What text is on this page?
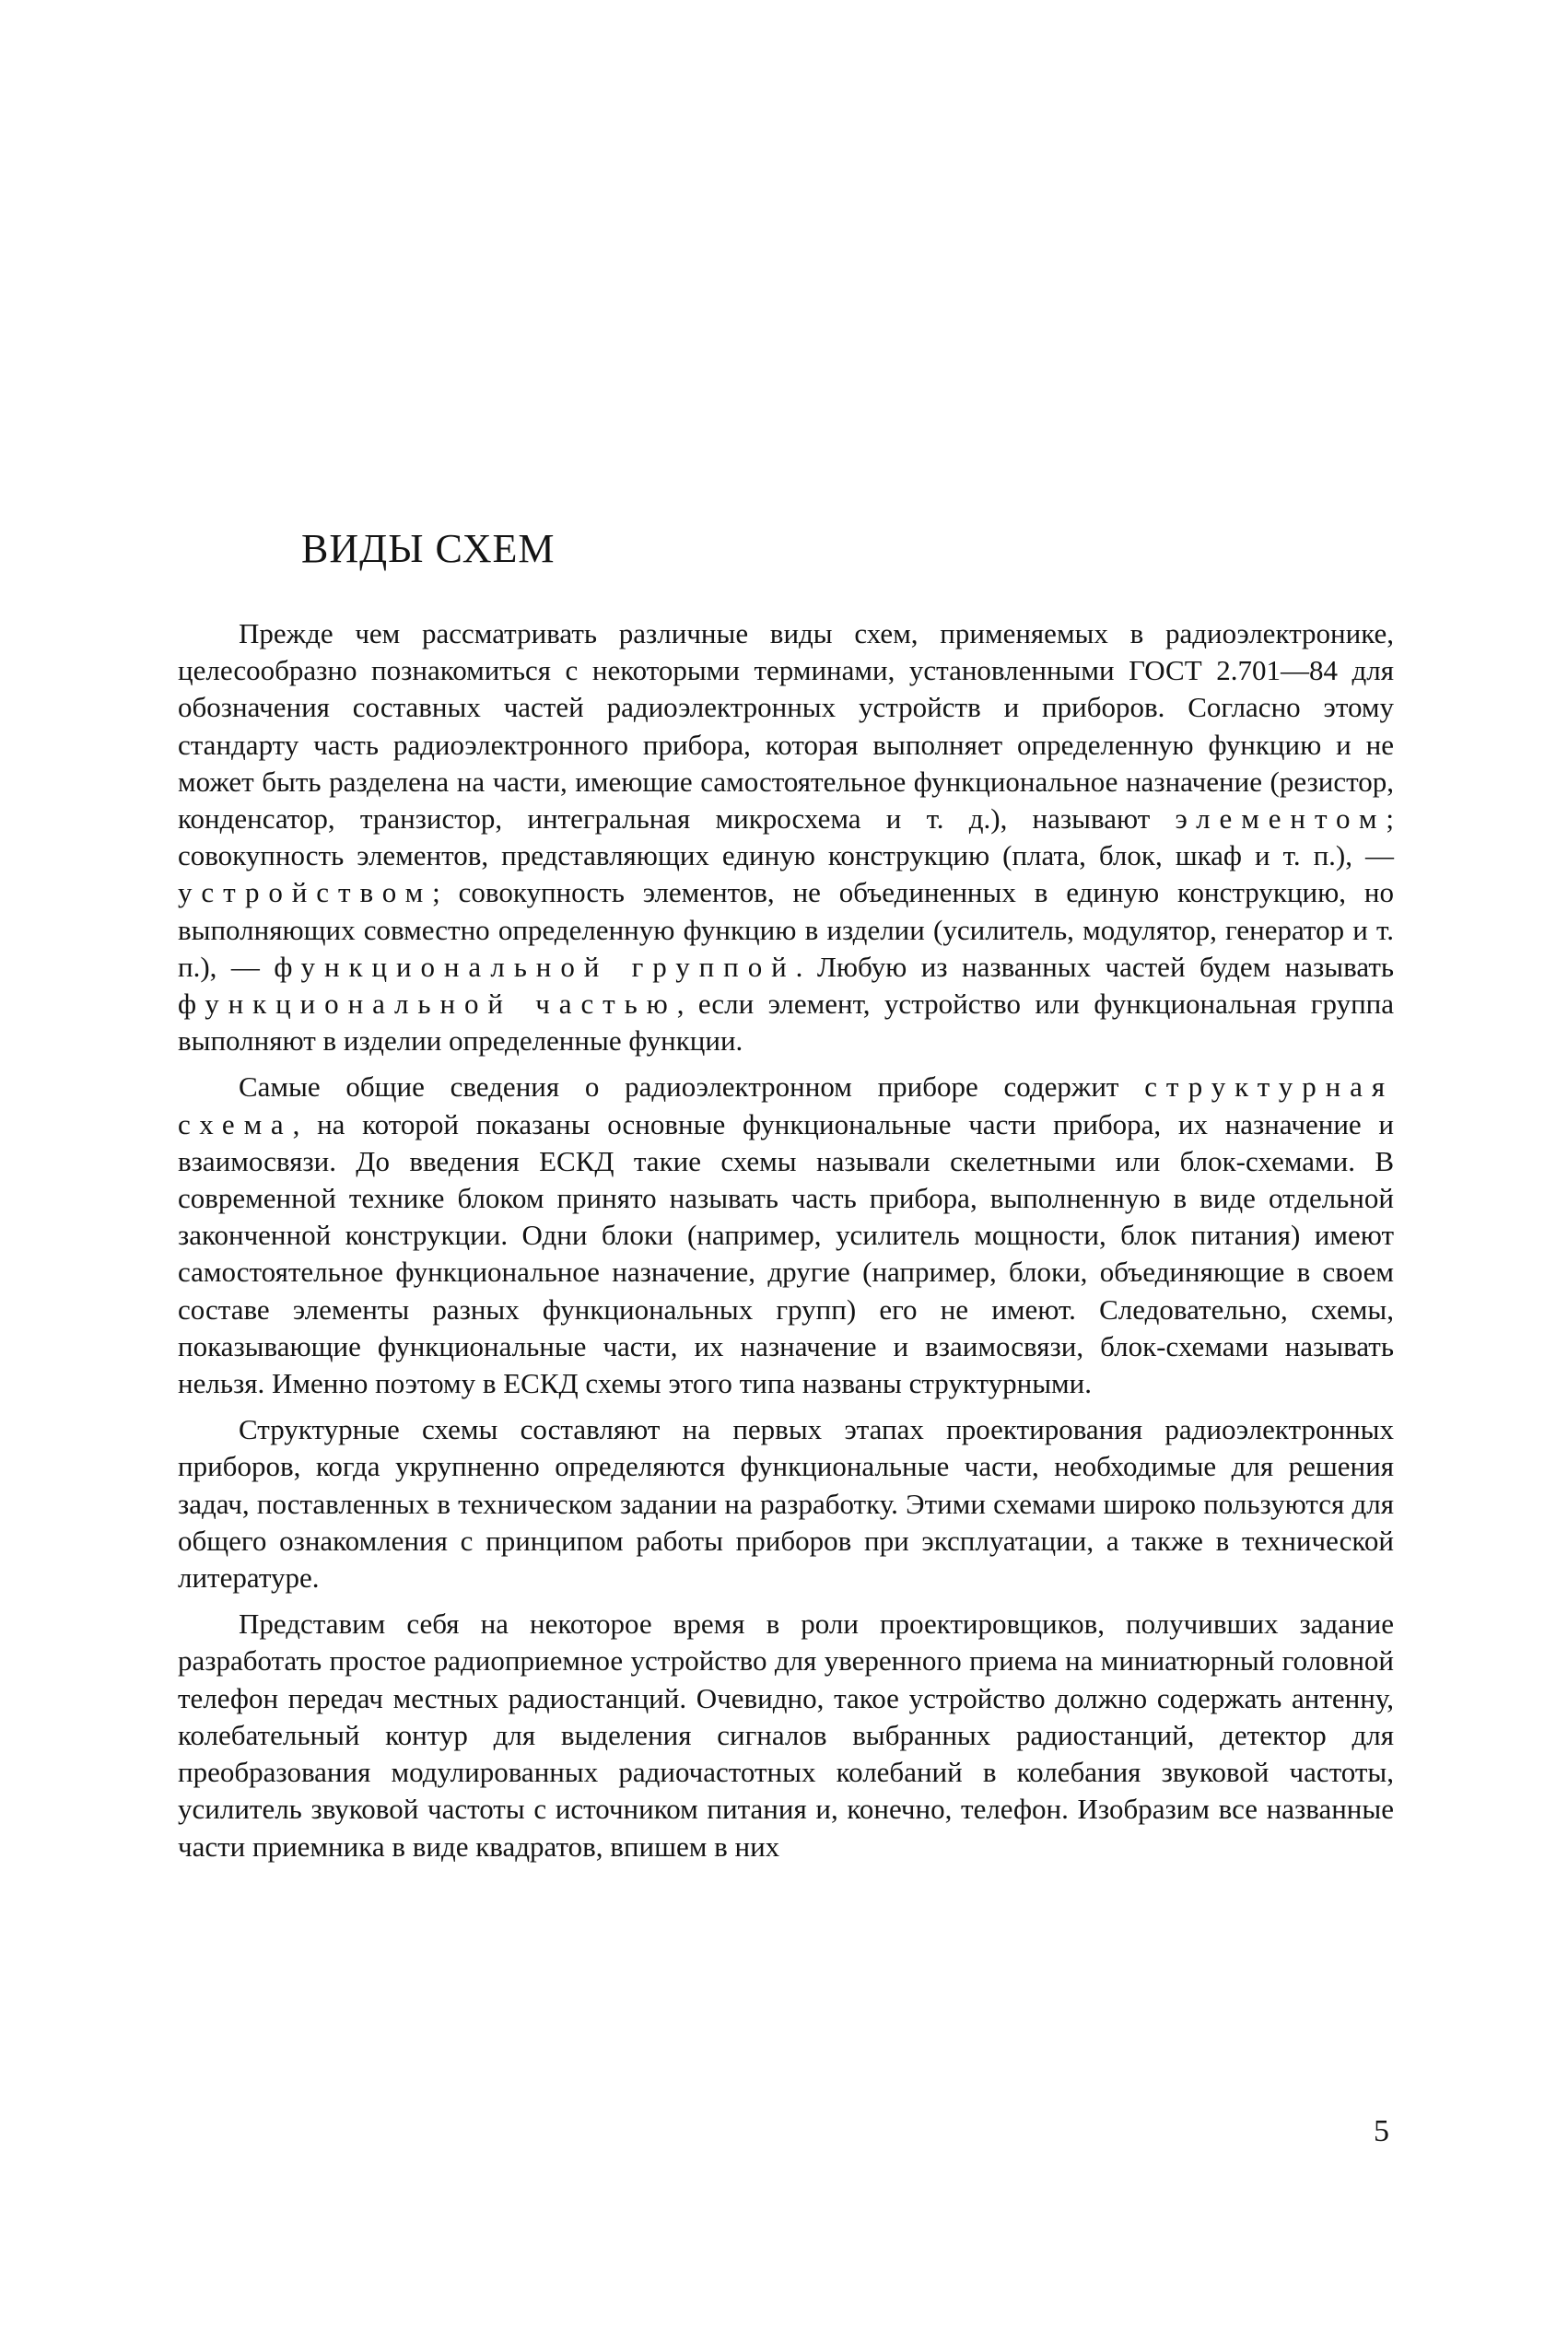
ВИДЫ СХЕМ

Прежде чем рассматривать различные виды схем, применяемых в радиоэлектронике, целесообразно познакомиться с некоторыми терминами, установленными ГОСТ 2.701—84 для обозначения составных частей радиоэлектронных устройств и приборов. Согласно этому стандарту часть радиоэлектронного прибора, которая выполняет определенную функцию и не может быть разделена на части, имеющие самостоятельное функциональное назначение (резистор, конденсатор, транзистор, интегральная микросхема и т. д.), называют элементом; совокупность элементов, представляющих единую конструкцию (плата, блок, шкаф и т. п.), — устройством; совокупность элементов, не объединенных в единую конструкцию, но выполняющих совместно определенную функцию в изделии (усилитель, модулятор, генератор и т. п.), — функциональной группой. Любую из названных частей будем называть функциональной частью, если элемент, устройство или функциональная группа выполняют в изделии определенные функции.

Самые общие сведения о радиоэлектронном приборе содержит структурная схема, на которой показаны основные функциональные части прибора, их назначение и взаимосвязи. До введения ЕСКД такие схемы называли скелетными или блок-схемами. В современной технике блоком принято называть часть прибора, выполненную в виде отдельной законченной конструкции. Одни блоки (например, усилитель мощности, блок питания) имеют самостоятельное функциональное назначение, другие (например, блоки, объединяющие в своем составе элементы разных функциональных групп) его не имеют. Следовательно, схемы, показывающие функциональные части, их назначение и взаимосвязи, блок-схемами называть нельзя. Именно поэтому в ЕСКД схемы этого типа названы структурными.

Структурные схемы составляют на первых этапах проектирования радиоэлектронных приборов, когда укрупненно определяются функциональные части, необходимые для решения задач, поставленных в техническом задании на разработку. Этими схемами широко пользуются для общего ознакомления с принципом работы приборов при эксплуатации, а также в технической литературе.

Представим себя на некоторое время в роли проектировщиков, получивших задание разработать простое радиоприемное устройство для уверенного приема на миниатюрный головной телефон передач местных радиостанций. Очевидно, такое устройство должно содержать антенну, колебательный контур для выделения сигналов выбранных радиостанций, детектор для преобразования модулированных радиочастотных колебаний в колебания звуковой частоты, усилитель звуковой частоты с источником питания и, конечно, телефон. Изобразим все названные части приемника в виде квадратов, впишем в них

5
